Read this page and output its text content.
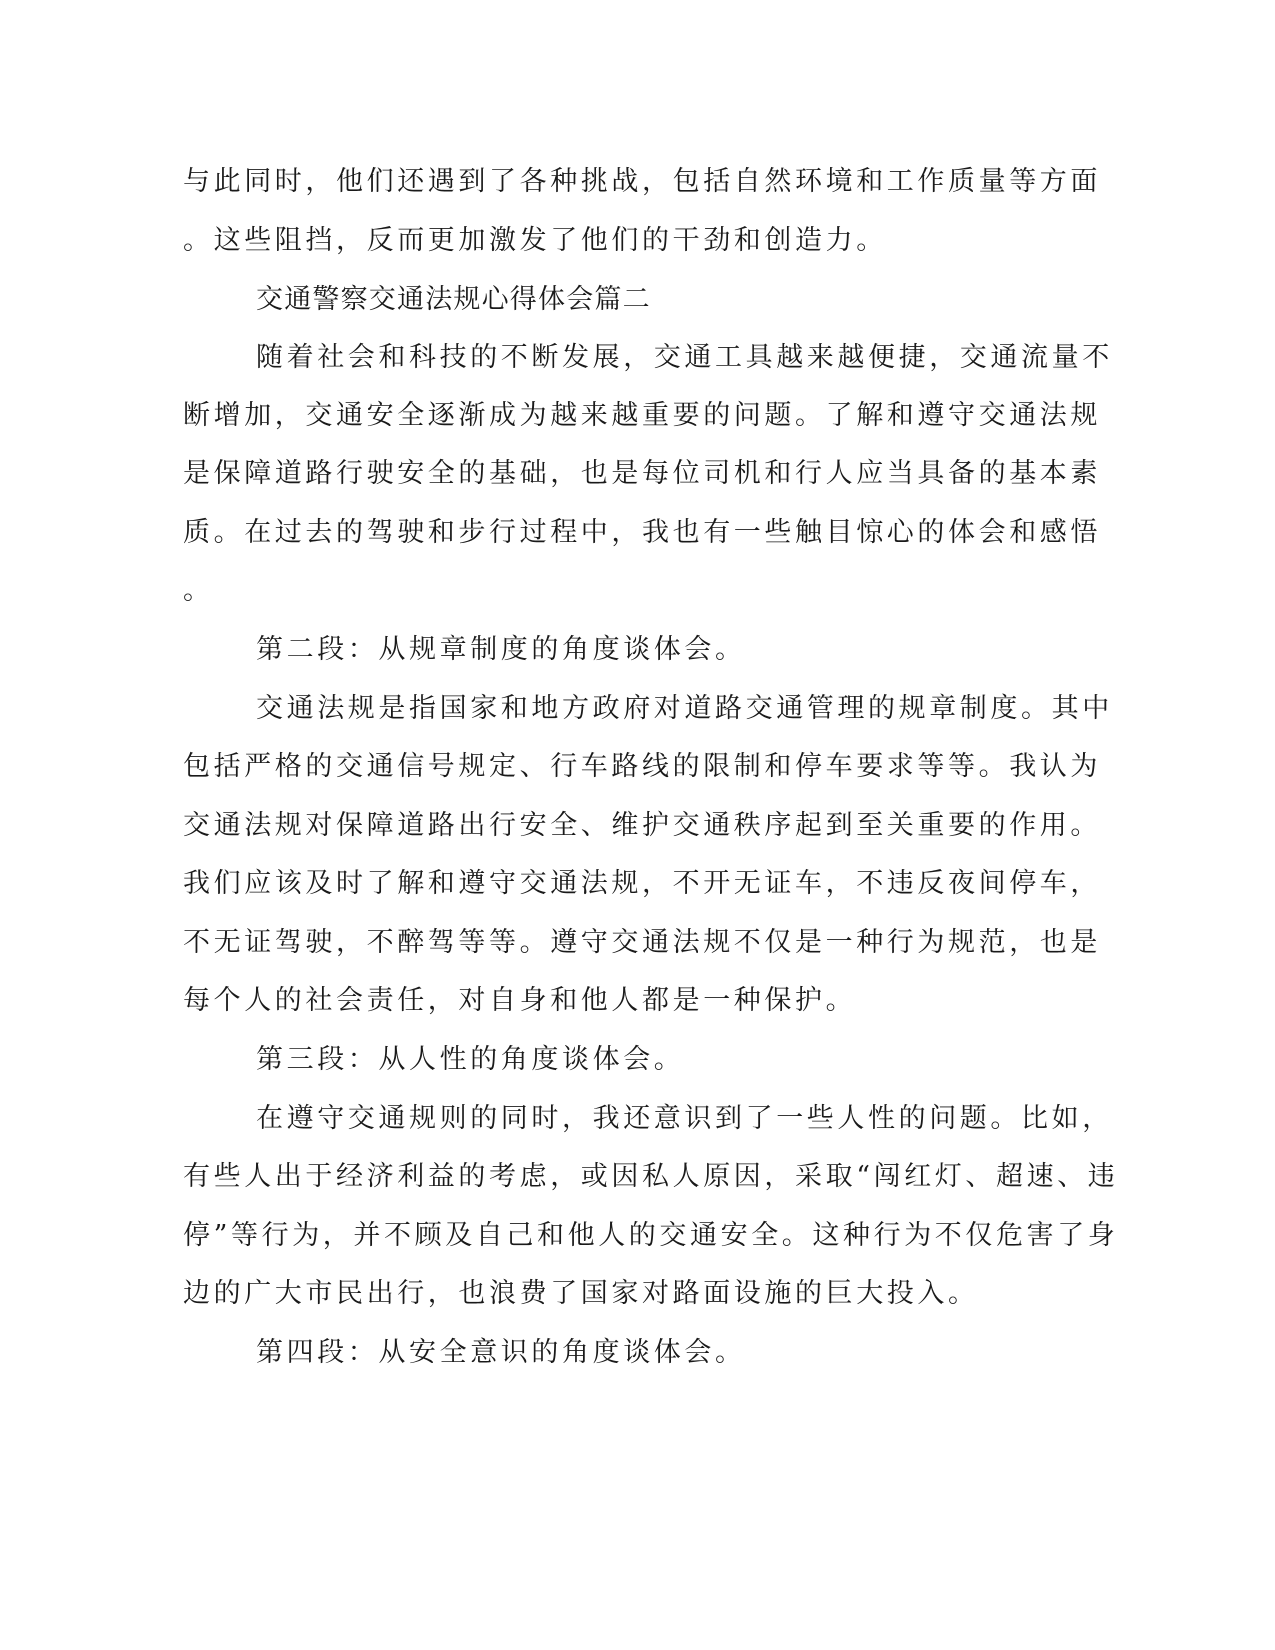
与此同时，他们还遇到了各种挑战，包括自然环境和工作质量等方面
。这些阻挡，反而更加激发了他们的干劲和创造力。
交通警察交通法规心得体会篇二
随着社会和科技的不断发展，交通工具越来越便捷，交通流量不
断增加，交通安全逐渐成为越来越重要的问题。了解和遵守交通法规
是保障道路行驶安全的基础，也是每位司机和行人应当具备的基本素
质。在过去的驾驶和步行过程中，我也有一些触目惊心的体会和感悟
。
第二段：从规章制度的角度谈体会。
交通法规是指国家和地方政府对道路交通管理的规章制度。其中
包括严格的交通信号规定、行车路线的限制和停车要求等等。我认为
交通法规对保障道路出行安全、维护交通秩序起到至关重要的作用。
我们应该及时了解和遵守交通法规，不开无证车，不违反夜间停车，
不无证驾驶，不醉驾等等。遵守交通法规不仅是一种行为规范，也是
每个人的社会责任，对自身和他人都是一种保护。
第三段：从人性的角度谈体会。
在遵守交通规则的同时，我还意识到了一些人性的问题。比如，
有些人出于经济利益的考虑，或因私人原因，采取“闯红灯、超速、违
停”等行为，并不顾及自己和他人的交通安全。这种行为不仅危害了身
边的广大市民出行，也浪费了国家对路面设施的巨大投入。
第四段：从安全意识的角度谈体会。
